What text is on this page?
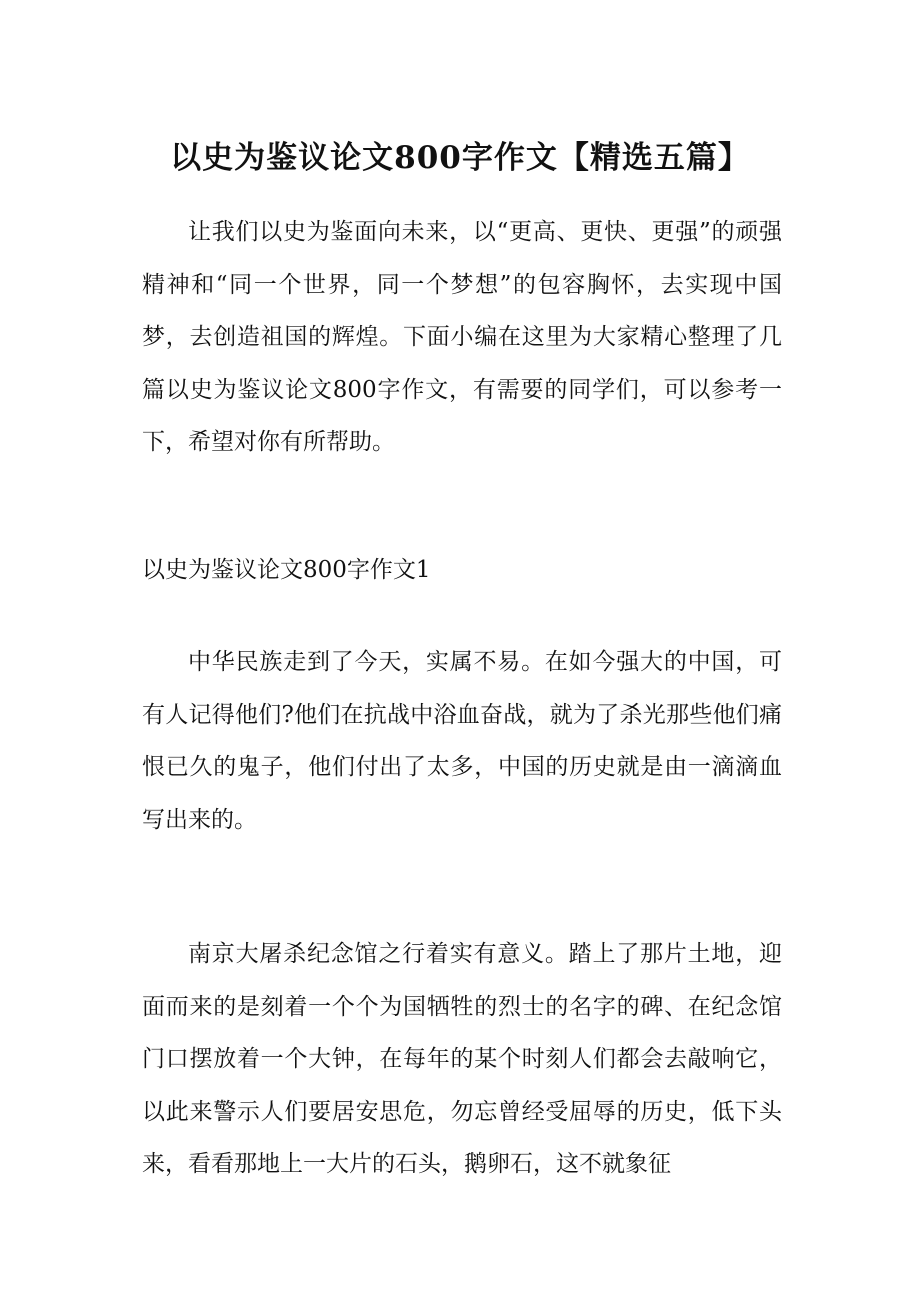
以史为鉴议论文800字作文【精选五篇】

让我们以史为鉴面向未来，以“更高、更快、更强”的顽强精神和“同一个世界，同一个梦想”的包容胸怀，去实现中国梦，去创造祖国的辉煌。下面小编在这里为大家精心整理了几篇以史为鉴议论文800字作文，有需要的同学们，可以参考一下，希望对你有所帮助。

以史为鉴议论文800字作文1

中华民族走到了今天，实属不易。在如今强大的中国，可有人记得他们?他们在抗战中浴血奋战，就为了杀光那些他们痛恨已久的鬼子，他们付出了太多，中国的历史就是由一滴滴血写出来的。

南京大屠杀纪念馆之行着实有意义。踏上了那片土地，迎面而来的是刻着一个个为国牺牲的烈士的名字的碑、在纪念馆门口摆放着一个大钟，在每年的某个时刻人们都会去敲响它，以此来警示人们要居安思危，勿忘曾经受屈辱的历史，低下头来，看看那地上一大片的石头，鹅卵石，这不就象征
